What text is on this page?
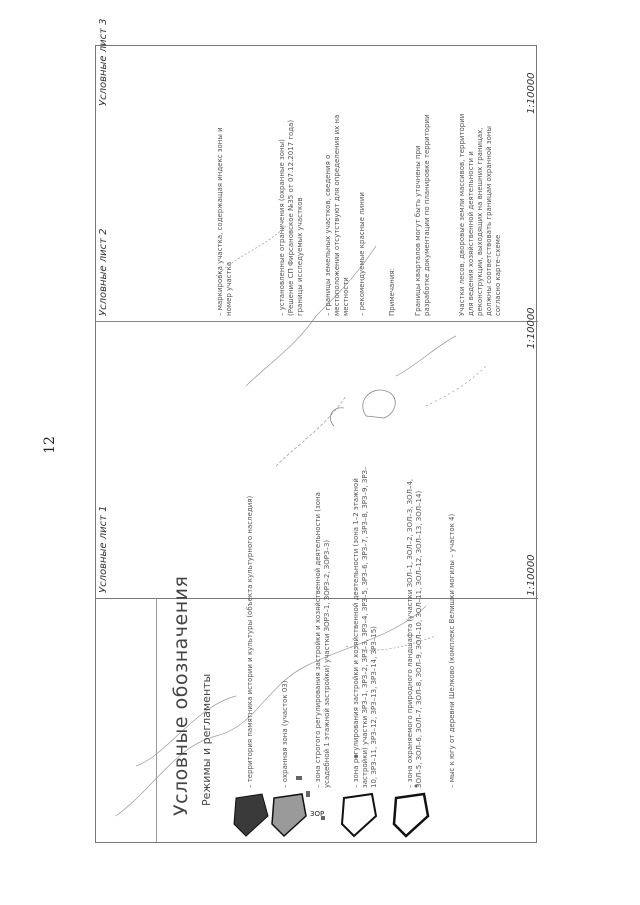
12
Условные лист 1
Условные лист 2
Условные лист 3
1:10000
1:10000
1:10000
Условные обозначения Режимы и регламенты
ЗОР
– территория памятника истории и культуры (объекта культурного наследия)	– охранная зона (участок 03)	– зона строгого регулирования застройки и хозяйственной деятельности (зона усадебной 1 этажной застройки) участки ЗОР3–1, ЗОР3–2, ЗОР3–3)	– зона регулирования застройки и хозяйственной деятельности (зона 1–2 этажной застройки) участки ЗРЗ–1, ЗРЗ–2, ЗРЗ–3, ЗРЗ–4, ЗРЗ–5, ЗРЗ–6, ЗРЗ–7, ЗРЗ–8, ЗРЗ–9, ЗРЗ–10, ЗРЗ–11, ЗРЗ–12, ЗРЗ–13, ЗРЗ–14, ЗРЗ–15)	– зона охраняемого природного ландшафта (участки ЗОЛ–1, ЗОЛ–2, ЗОЛ–3, ЗОЛ–4, ЗОЛ–5, ЗОЛ–6, ЗОЛ–7, ЗОЛ–8, ЗОЛ–9, ЗОЛ–10, ЗОЛ–11, ЗОЛ–12, ЗОЛ–13, ЗОЛ–14)	– мыс к югу от деревни Шелково (комплекс Велишки могилы – участок 4)
– маркировка участка, содержащая индекс зоны и номер участка	– установленные ограничения (охранные зоны) (Решение СП Фирсановское №35 от 07.12.2017 года) границы исследуемых участков	– границы земельных участков, сведения о местоположении отсутствуют для определения их на местности – рекомендуемые красные линии	Примечания:	Границы кварталов могут быть уточнены при разработке документации по планировке территории	Участки лесов, дворовые земли массивов, территории для ведения хозяйственной деятельности и реконструкции, выходящих на внешних границах, должны соответствовать границам охранной зоны согласно карте-схеме
